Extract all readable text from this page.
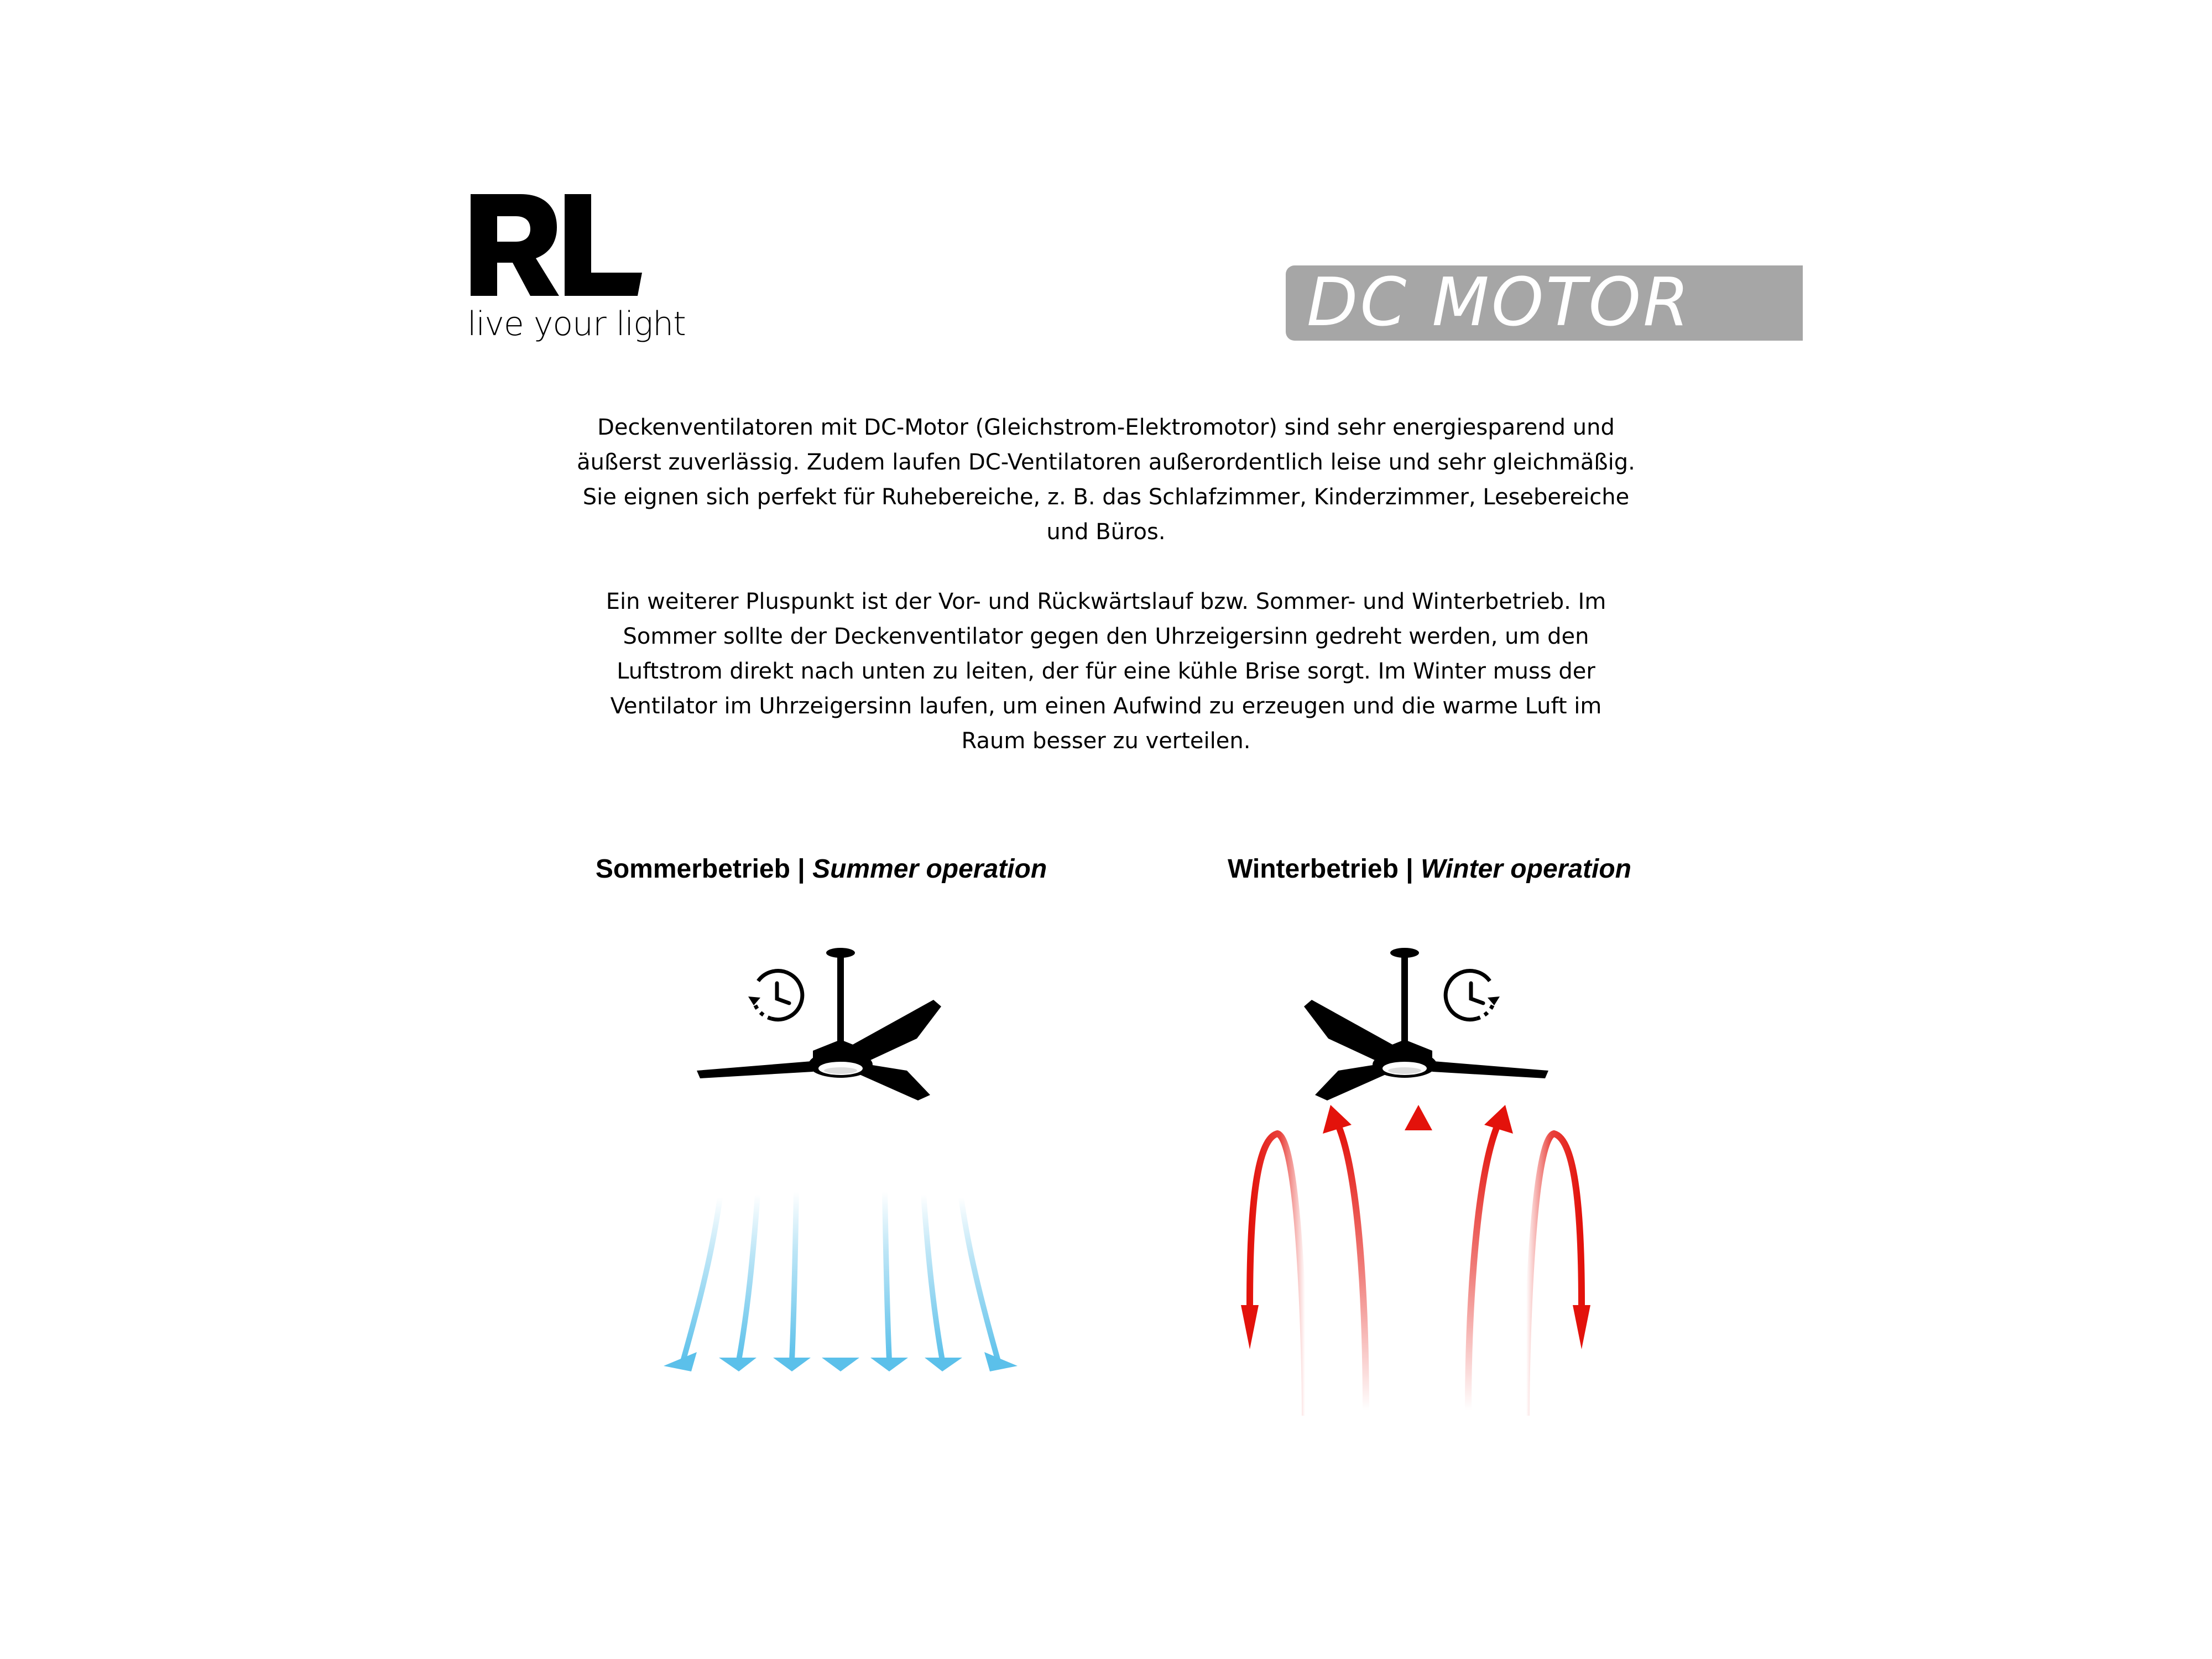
live your light	DC MOTOR

Deckenventilatoren mit DC-Motor (Gleichstrom-Elektromotor) sind sehr energiesparend und äußerst zuverlässig. Zudem laufen DC-Ventilatoren außerordentlich leise und sehr gleichmäßig. Sie eignen sich perfekt für Ruhebereiche, z. B. das Schlafzimmer, Kinderzimmer, Lesebereiche und Büros.

Ein weiterer Pluspunkt ist der Vor- und Rückwärtslauf bzw. Sommer- und Winterbetrieb. Im Sommer sollte der Deckenventilator gegen den Uhrzeigersinn gedreht werden, um den Luftstrom direkt nach unten zu leiten, der für eine kühle Brise sorgt. Im Winter muss der Ventilator im Uhrzeigersinn laufen, um einen Aufwind zu erzeugen und die warme Luft im Raum besser zu verteilen.

Sommerbetrieb | Summer operation	Winterbetrieb | Winter operation
